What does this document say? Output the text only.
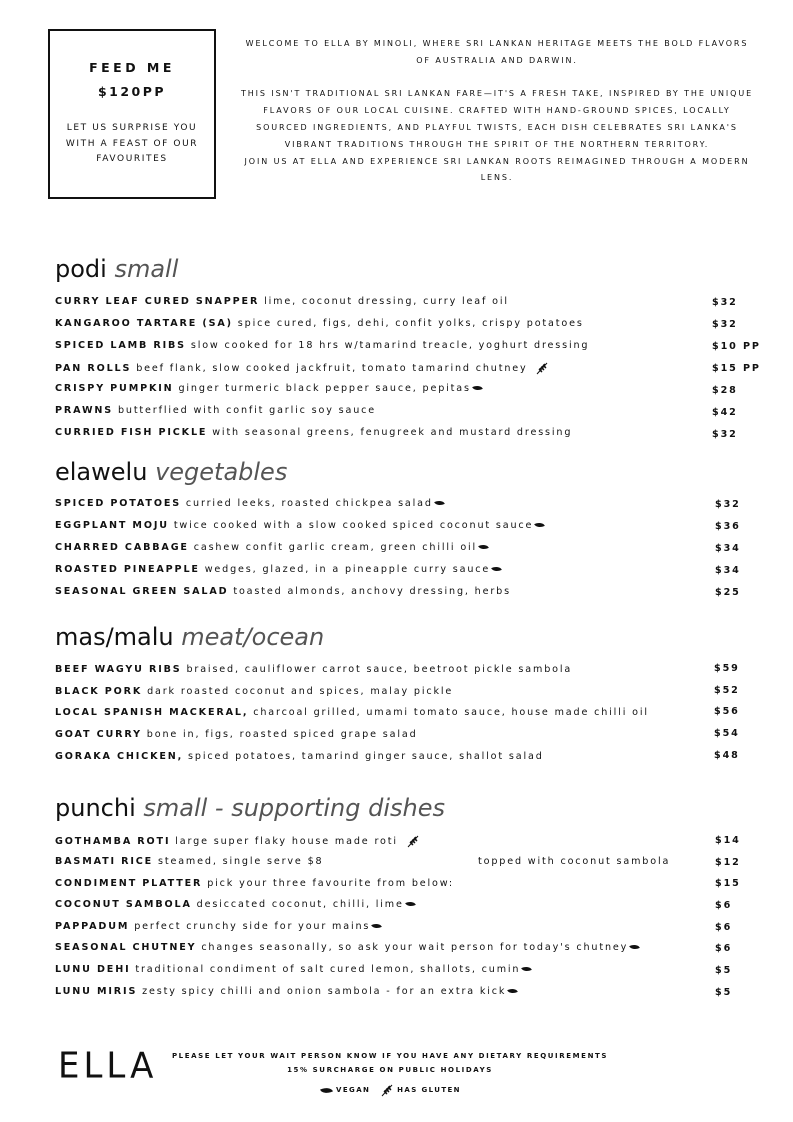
FEED ME
$120PP
LET US SURPRISE YOU WITH A FEAST OF OUR FAVOURITES

WELCOME TO ELLA BY MINOLI, WHERE SRI LANKAN HERITAGE MEETS THE BOLD FLAVORS OF AUSTRALIA AND DARWIN.

THIS ISN'T TRADITIONAL SRI LANKAN FARE—IT'S A FRESH TAKE, INSPIRED BY THE UNIQUE FLAVORS OF OUR LOCAL CUISINE. CRAFTED WITH HAND-GROUND SPICES, LOCALLY SOURCED INGREDIENTS, AND PLAYFUL TWISTS, EACH DISH CELEBRATES SRI LANKA'S VIBRANT TRADITIONS THROUGH THE SPIRIT OF THE NORTHERN TERRITORY.

JOIN US AT ELLA AND EXPERIENCE SRI LANKAN ROOTS REIMAGINED THROUGH A MODERN LENS.

podi small
CURRY LEAF CURED SNAPPER lime, coconut dressing, curry leaf oil	$32
KANGAROO TARTARE (SA) spice cured, figs, dehi, confit yolks, crispy potatoes	$32
SPICED LAMB RIBS slow cooked for 18 hrs w/tamarind treacle, yoghurt dressing	$10 PP
PAN ROLLS beef flank, slow cooked jackfruit, tomato tamarind chutney	$15 PP
CRISPY PUMPKIN ginger turmeric black pepper sauce, pepitas	$28
PRAWNS butterflied with confit garlic soy sauce	$42
CURRIED FISH PICKLE with seasonal greens, fenugreek and mustard dressing	$32
elawelu vegetables
SPICED POTATOES curried leeks, roasted chickpea salad	$32
EGGPLANT MOJU twice cooked with a slow cooked spiced coconut sauce	$36
CHARRED CABBAGE cashew confit garlic cream, green chilli oil	$34
ROASTED PINEAPPLE wedges, glazed, in a pineapple curry sauce	$34
SEASONAL GREEN SALAD toasted almonds, anchovy dressing, herbs	$25
mas/malu meat/ocean
BEEF WAGYU RIBS braised, cauliflower carrot sauce, beetroot pickle sambola	$59
BLACK PORK dark roasted coconut and spices, malay pickle	$52
LOCAL SPANISH MACKERAL, charcoal grilled, umami tomato sauce, house made chilli oil	$56
GOAT CURRY bone in, figs, roasted spiced grape salad	$54
GORAKA CHICKEN, spiced potatoes, tamarind ginger sauce, shallot salad	$48
punchi small - supporting dishes
GOTHAMBA ROTI large super flaky house made roti	$14
BASMATI RICE steamed, single serve $8	topped with coconut sambola	$12
CONDIMENT PLATTER pick your three favourite from below:	$15
COCONUT SAMBOLA desiccated coconut, chilli, lime	$6
PAPPADUM perfect crunchy side for your mains	$6
SEASONAL CHUTNEY changes seasonally, so ask your wait person for today's chutney	$6
LUNU DEHI traditional condiment of salt cured lemon, shallots, cumin	$5
LUNU MIRIS zesty spicy chilli and onion sambola - for an extra kick	$5
ELLA PLEASE LET YOUR WAIT PERSON KNOW IF YOU HAVE ANY DIETARY REQUIREMENTS
15% SURCHARGE ON PUBLIC HOLIDAYS
VEGAN	HAS GLUTEN
